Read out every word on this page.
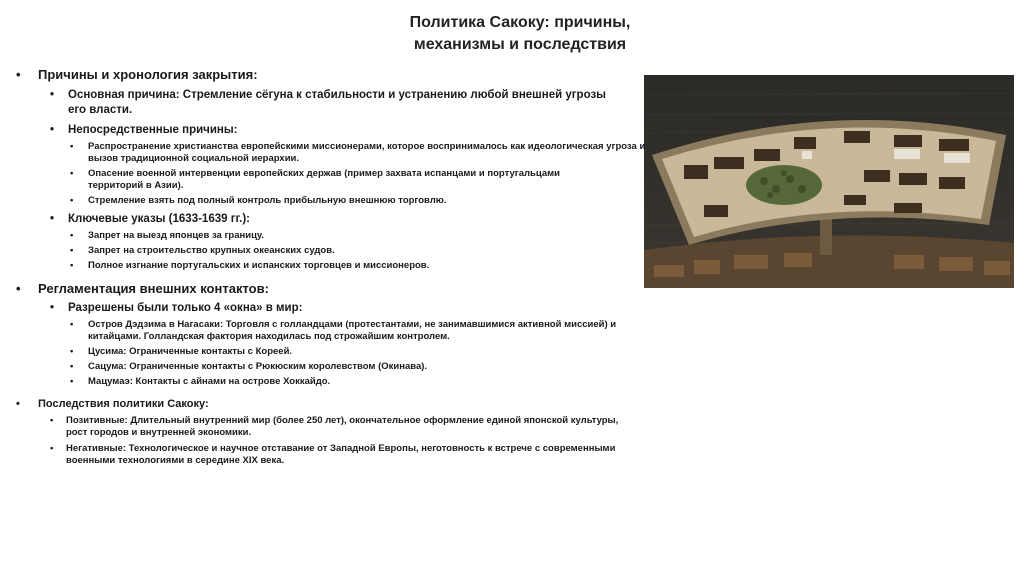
Политика Сакоку: причины,
механизмы и последствия
• Причины и хронология закрытия:
• Основная причина: Стремление сёгуна к стабильности и устранению любой внешней угрозы его власти.
• Непосредственные причины:
• Распространение христианства европейскими миссионерами, которое воспринималось как идеологическая угроза и вызов традиционной социальной иерархии.
• Опасение военной интервенции европейских держав (пример захвата испанцами и португальцами территорий в Азии).
• Стремление взять под полный контроль прибыльную внешнюю торговлю.
• Ключевые указы (1633-1639 гг.):
• Запрет на выезд японцев за границу.
• Запрет на строительство крупных океанских судов.
• Полное изгнание португальских и испанских торговцев и миссионеров.
• Регламентация внешних контактов:
• Разрешены были только 4 «окна» в мир:
• Остров Дэдзима в Нагасаки: Торговля с голландцами (протестантами, не занимавшимися активной миссией) и китайцами. Голландская фактория находилась под строжайшим контролем.
• Цусима: Ограниченные контакты с Кореей.
• Сацума: Ограниченные контакты с Рюкюским королевством (Окинава).
• Мацумаэ: Контакты с айнами на острове Хоккайдо.
• Последствия политики Сакоку:
• Позитивные: Длительный внутренний мир (более 250 лет), окончательное оформление единой японской культуры, рост городов и внутренней экономики.
• Негативные: Технологическое и научное отставание от Западной Европы, неготовность к встрече с современными военными технологиями в середине XIX века.
